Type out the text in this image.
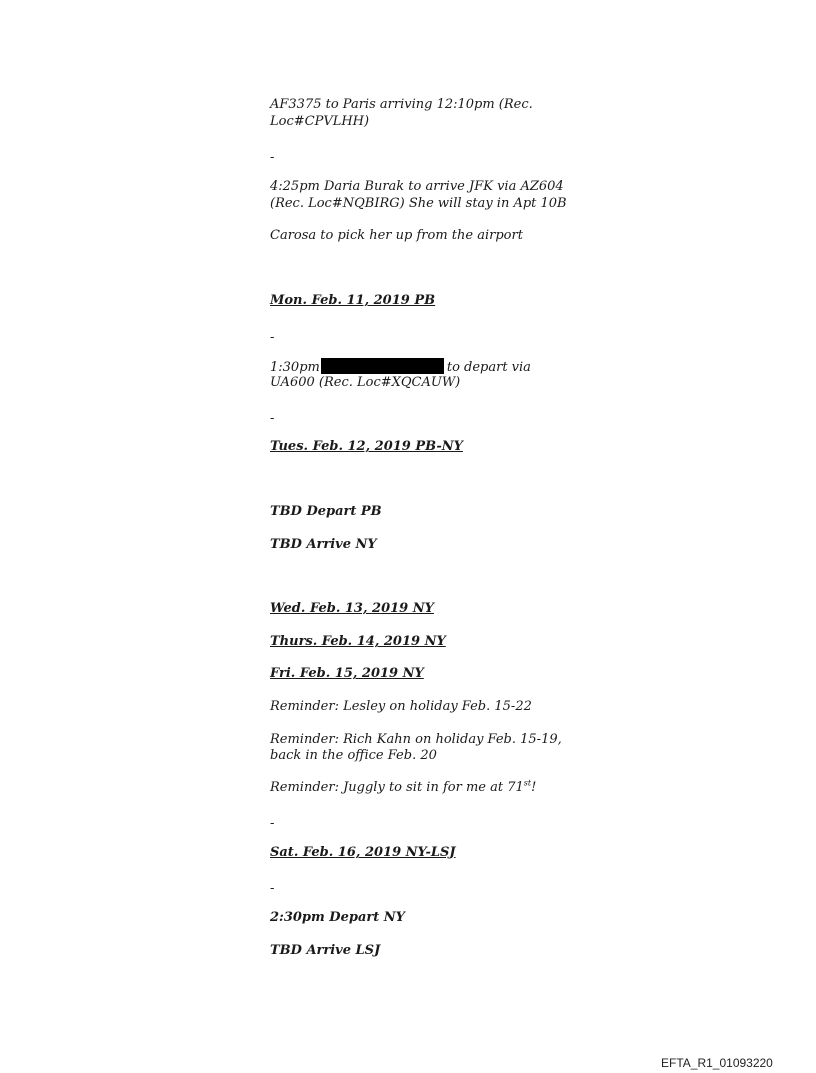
AF3375 to Paris arriving 12:10pm (Rec.
Loc#CPVLHH)
-
4:25pm Daria Burak to arrive JFK via AZ604
(Rec. Loc#NQBIRG) She will stay in Apt 10B
Carosa to pick her up from the airport
Mon. Feb. 11, 2019 PB
-
1:30pm	to depart via
UA600 (Rec. Loc#XQCAUW)
-
Tues. Feb. 12, 2019 PB-NY
TBD Depart PB
TBD Arrive NY
Wed. Feb. 13, 2019 NY
Thurs. Feb. 14, 2019 NY
Fri. Feb. 15, 2019 NY
Reminder: Lesley on holiday Feb. 15-22
Reminder: Rich Kahn on holiday Feb. 15-19,
back in the office Feb. 20
Reminder: Juggly to sit in for me at 71st!
-
Sat. Feb. 16, 2019 NY-LSJ
-
2:30pm Depart NY
TBD Arrive LSJ
EFTA_R1_01093220
